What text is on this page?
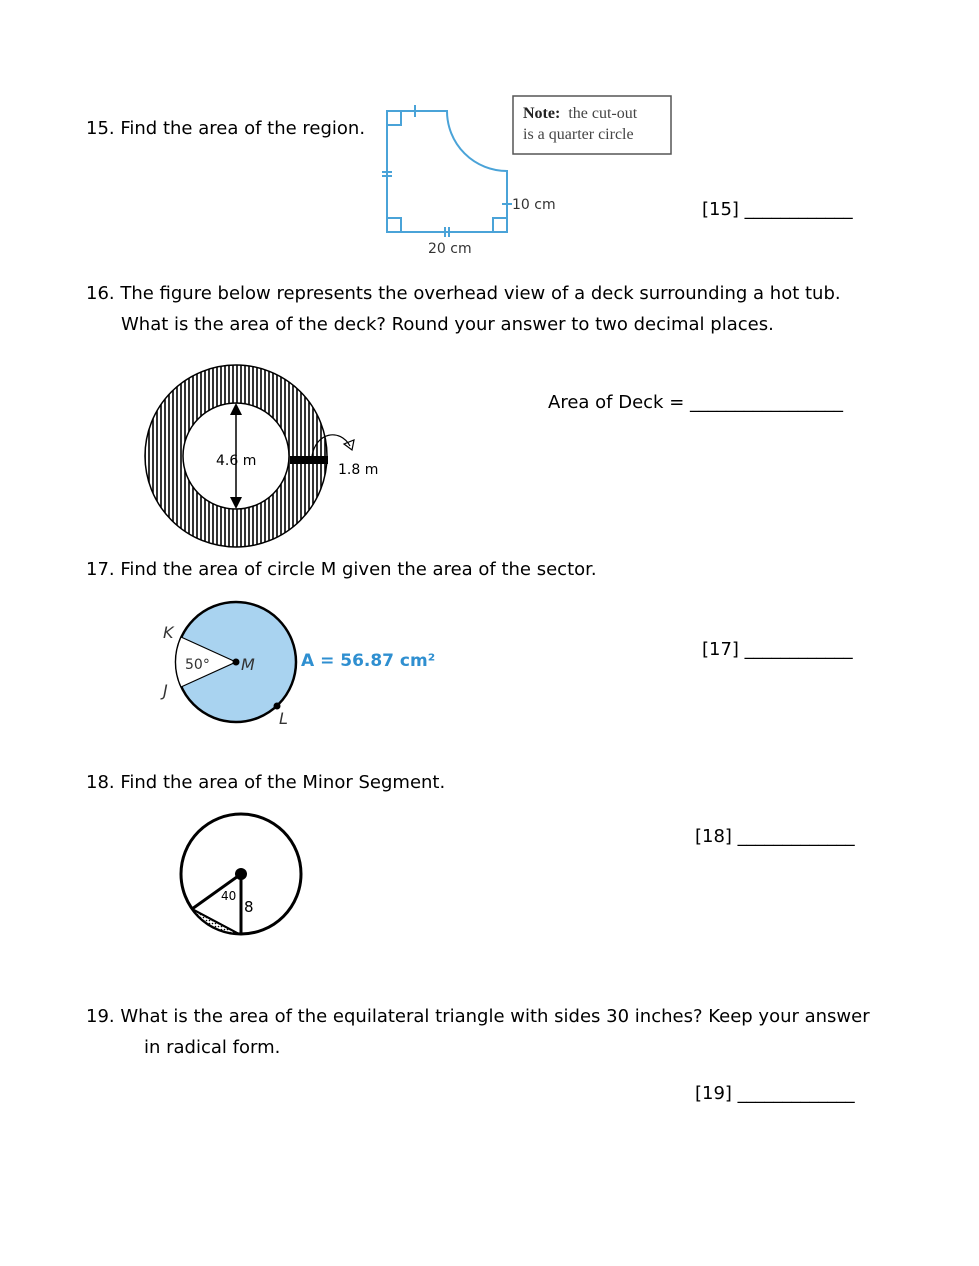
15. Find the area of the region.
10 cm
20 cm
Note: the cut-out
is a quarter circle
[15] ____________
16. The figure below represents the overhead view of a deck surrounding a hot tub.
What is the area of the deck? Round your answer to two decimal places.
4.6 m
1.8 m
Area of Deck = _________________
17. Find the area of circle M given the area of the sector.
K
J
M
L
50°	A = 56.87 cm²
[17] ____________
18. Find the area of the Minor Segment.
40
8
[18] _____________
19. What is the area of the equilateral triangle with sides 30 inches? Keep your answer
in radical form.
[19] _____________
